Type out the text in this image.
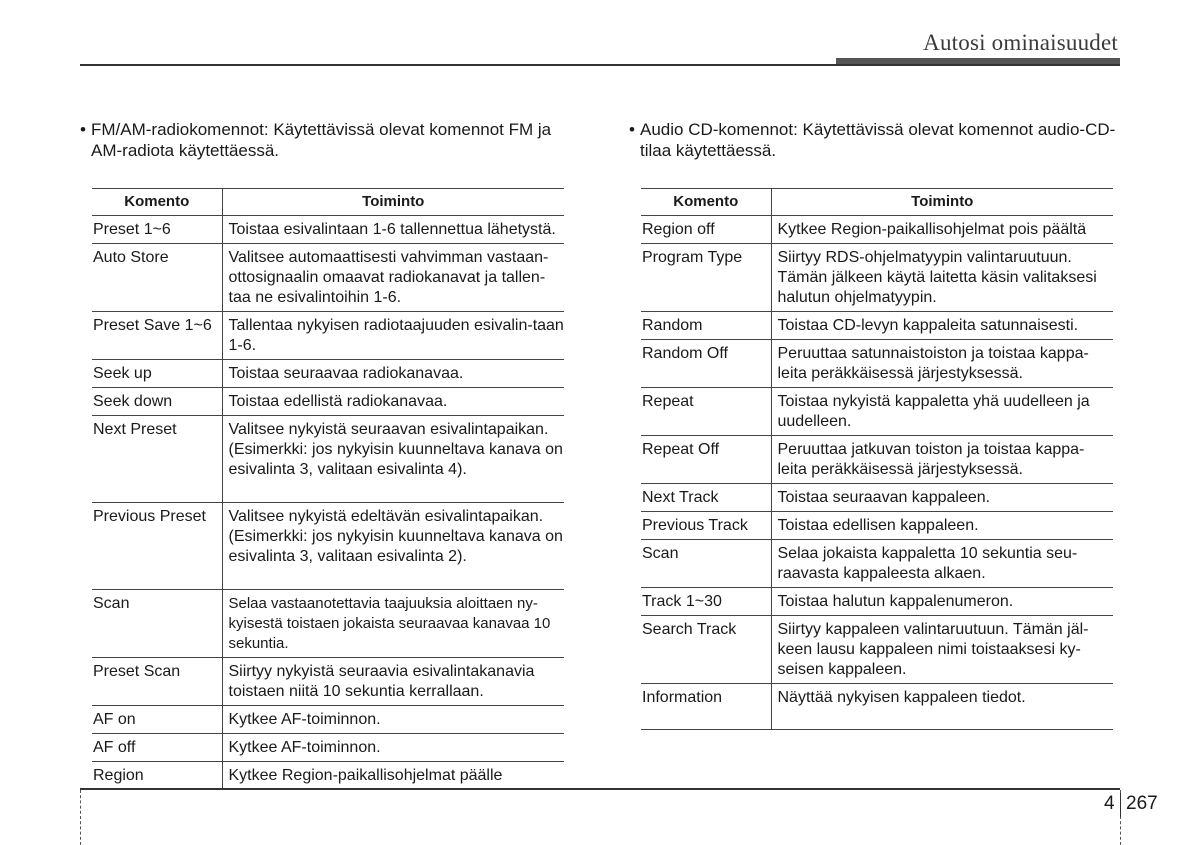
Autosi ominaisuudet
• FM/AM-radiokomennot: Käytettävissä olevat komennot FM ja AM-radiota käytettäessä.
Komento	Toiminto
Preset 1~6	Toistaa esivalintaan 1-6 tallennettua lähetystä.
Auto Store	Valitsee automaattisesti vahvimman vastaan-ottosignaalin omaavat radiokanavat ja tallen-taa ne esivalintoihin 1-6.
Preset Save 1~6	Tallentaa nykyisen radiotaajuuden esivalin-taan 1-6.
Seek up	Toistaa seuraavaa radiokanavaa.
Seek down	Toistaa edellistä radiokanavaa.
Next Preset	Valitsee nykyistä seuraavan esivalintapaikan. (Esimerkki: jos nykyisin kuunneltava kanava on esivalinta 3, valitaan esivalinta 4).
Previous Preset	Valitsee nykyistä edeltävän esivalintapaikan. (Esimerkki: jos nykyisin kuunneltava kanava on esivalinta 3, valitaan esivalinta 2).
Scan	Selaa vastaanotettavia taajuuksia aloittaen ny-kyisestä toistaen jokaista seuraavaa kanavaa 10 sekuntia.
Preset Scan	Siirtyy nykyistä seuraavia esivalintakanavia toistaen niitä 10 sekuntia kerrallaan.
AF on	Kytkee AF-toiminnon.
AF off	Kytkee AF-toiminnon.
Region	Kytkee Region-paikallisohjelmat päälle
• Audio CD-komennot: Käytettävissä olevat komennot audio-CD-tilaa käytettäessä.
Komento	Toiminto
Region off	Kytkee Region-paikallisohjelmat pois päältä
Program Type	Siirtyy RDS-ohjelmatyypin valintaruutuun. Tämän jälkeen käytä laitetta käsin valitaksesi halutun ohjelmatyypin.
Random	Toistaa CD-levyn kappaleita satunnaisesti.
Random Off	Peruuttaa satunnaistoiston ja toistaa kappa-leita peräkkäisessä järjestyksessä.
Repeat	Toistaa nykyistä kappaletta yhä uudelleen ja uudelleen.
Repeat Off	Peruuttaa jatkuvan toiston ja toistaa kappa-leita peräkkäisessä järjestyksessä.
Next Track	Toistaa seuraavan kappaleen.
Previous Track	Toistaa edellisen kappaleen.
Scan	Selaa jokaista kappaletta 10 sekuntia seu-raavasta kappaleesta alkaen.
Track 1~30	Toistaa halutun kappalenumeron.
Search Track	Siirtyy kappaleen valintaruutuun. Tämän jäl-keen lausu kappaleen nimi toistaaksesi ky-seisen kappaleen.
Information	Näyttää nykyisen kappaleen tiedot.
4 267
